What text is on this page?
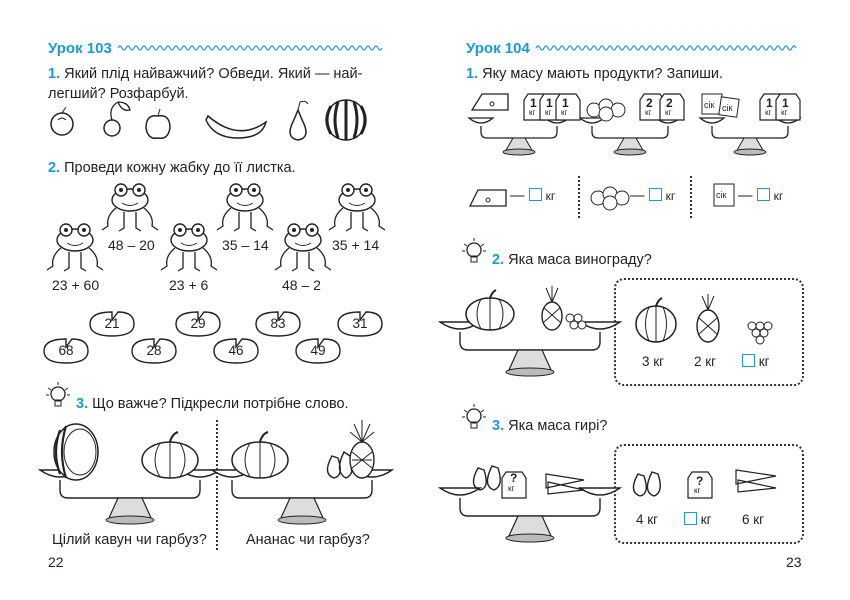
Урок 103
1. Який плід найважчий? Обведи. Який — най-
легший? Розфарбуй.
2. Проведи кожну жабку до її листка.
48 – 20	35 – 14	35 + 14
23 + 60	23 + 6	48 – 2
21	29	83	31
68	28	46	49
3. Що важче? Підкресли потрібне слово.
Цілий кавун чи гарбуз?	Ананас чи гарбуз?
22
Урок 104
1. Яку масу мають продукти? Запиши.
1 1 1
кг кг кг
2 2
кг кг
сік сік	1 1
кг кг
сік
— кг	— кг	— кг
2. Яка маса винограду?
3 кг 2 кг	кг
3. Яка маса гирі?
?
кг
?
кг
4 кг	кг 6 кг
23
